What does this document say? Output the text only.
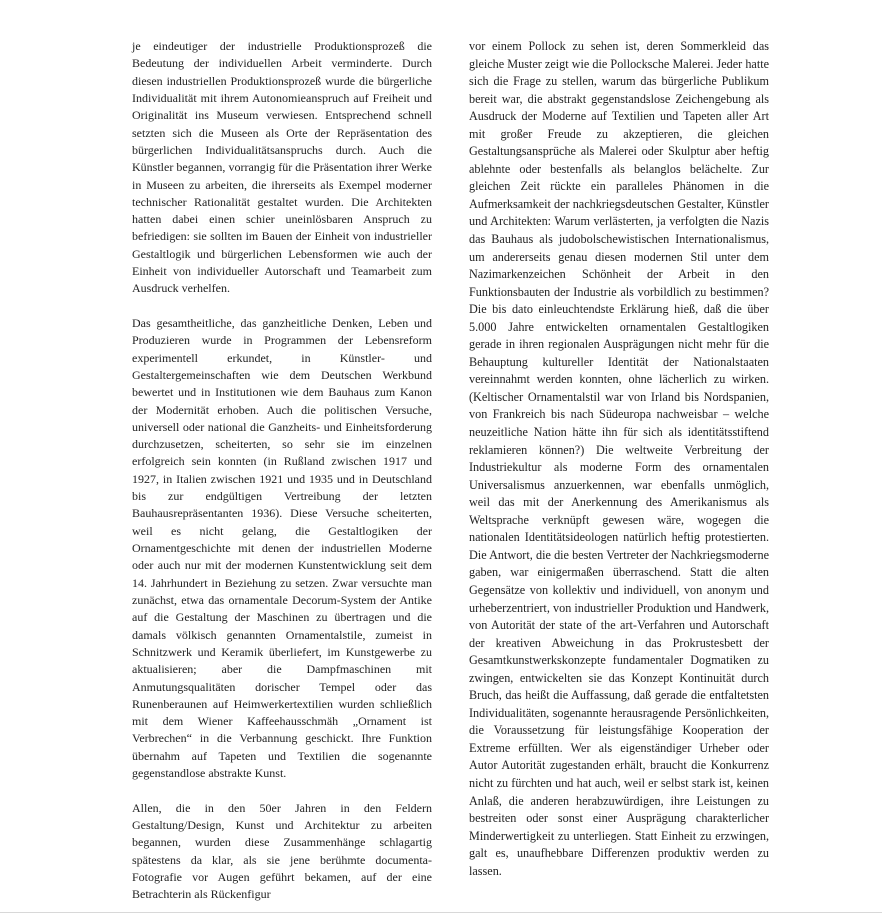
je eindeutiger der industrielle Produktionsprozeß die Bedeutung der individuellen Arbeit verminderte. Durch diesen industriellen Produktionsprozeß wurde die bürgerliche Individualität mit ihrem Autonomieanspruch auf Freiheit und Originalität ins Museum verwiesen. Entsprechend schnell setzten sich die Museen als Orte der Repräsentation des bürgerlichen Individualitätsanspruchs durch. Auch die Künstler begannen, vorrangig für die Präsentation ihrer Werke in Museen zu arbeiten, die ihrerseits als Exempel moderner technischer Rationalität gestaltet wurden. Die Architekten hatten dabei einen schier uneinlösbaren Anspruch zu befriedigen: sie sollten im Bauen der Einheit von industrieller Gestaltlogik und bürgerlichen Lebensformen wie auch der Einheit von individueller Autorschaft und Teamarbeit zum Ausdruck verhelfen.

Das gesamtheitliche, das ganzheitliche Denken, Leben und Produzieren wurde in Programmen der Lebensreform experimentell erkundet, in Künstler- und Gestaltergemeinschaften wie dem Deutschen Werkbund bewertet und in Institutionen wie dem Bauhaus zum Kanon der Modernität erhoben. Auch die politischen Versuche, universell oder national die Ganzheits- und Einheitsforderung durchzusetzen, scheiterten, so sehr sie im einzelnen erfolgreich sein konnten (in Rußland zwischen 1917 und 1927, in Italien zwischen 1921 und 1935 und in Deutschland bis zur endgültigen Vertreibung der letzten Bauhausrepräsentanten 1936). Diese Versuche scheiterten, weil es nicht gelang, die Gestaltlogiken der Ornamentgeschichte mit denen der industriellen Moderne oder auch nur mit der modernen Kunstentwicklung seit dem 14. Jahrhundert in Beziehung zu setzen. Zwar versuchte man zunächst, etwa das ornamentale Decorum-System der Antike auf die Gestaltung der Maschinen zu übertragen und die damals völkisch genannten Ornamentalstile, zumeist in Schnitzwerk und Keramik überliefert, im Kunstgewerbe zu aktualisieren; aber die Dampfmaschinen mit Anmutungsqualitäten dorischer Tempel oder das Runenberaunen auf Heimwerkertextilien wurden schließlich mit dem Wiener Kaffeehausschmäh „Ornament ist Verbrechen“ in die Verbannung geschickt. Ihre Funktion übernahm auf Tapeten und Textilien die sogenannte gegenstandlose abstrakte Kunst.

Allen, die in den 50er Jahren in den Feldern Gestaltung/Design, Kunst und Architektur zu arbeiten begannen, wurden diese Zusammenhänge schlagartig spätestens da klar, als sie jene berühmte documenta-Fotografie vor Augen geführt bekamen, auf der eine Betrachterin als Rückenfigur

vor einem Pollock zu sehen ist, deren Sommerkleid das gleiche Muster zeigt wie die Pollocksche Malerei. Jeder hatte sich die Frage zu stellen, warum das bürgerliche Publikum bereit war, die abstrakt gegenstandslose Zeichengebung als Ausdruck der Moderne auf Textilien und Tapeten aller Art mit großer Freude zu akzeptieren, die gleichen Gestaltungsansprüche als Malerei oder Skulptur aber heftig ablehnte oder bestenfalls als belanglos belächelte. Zur gleichen Zeit rückte ein paralleles Phänomen in die Aufmerksamkeit der nachkriegsdeutschen Gestalter, Künstler und Architekten: Warum verlästerten, ja verfolgten die Nazis das Bauhaus als judobolschewistischen Internationalismus, um andererseits genau diesen modernen Stil unter dem Nazimarkenzeichen Schönheit der Arbeit in den Funktionsbauten der Industrie als vorbildlich zu bestimmen? Die bis dato einleuchtendste Erklärung hieß, daß die über 5.000 Jahre entwickelten ornamentalen Gestaltlogiken gerade in ihren regionalen Ausprägungen nicht mehr für die Behauptung kultureller Identität der Nationalstaaten vereinnahmt werden konnten, ohne lächerlich zu wirken. (Keltischer Ornamentalstil war von Irland bis Nordspanien, von Frankreich bis nach Südeuropa nachweisbar – welche neuzeitliche Nation hätte ihn für sich als identitätsstiftend reklamieren können?) Die weltweite Verbreitung der Industriekultur als moderne Form des ornamentalen Universalismus anzuerkennen, war ebenfalls unmöglich, weil das mit der Anerkennung des Amerikanismus als Weltsprache verknüpft gewesen wäre, wogegen die nationalen Identitätsideologen natürlich heftig protestierten. Die Antwort, die die besten Vertreter der Nachkriegsmoderne gaben, war einigermaßen überraschend. Statt die alten Gegensätze von kollektiv und individuell, von anonym und urheberzentriert, von industrieller Produktion und Handwerk, von Autorität der state of the art-Verfahren und Autorschaft der kreativen Abweichung in das Prokrustesbett der Gesamtkunstwerkskonzepte fundamentaler Dogmatiken zu zwingen, entwickelten sie das Konzept Kontinuität durch Bruch, das heißt die Auffassung, daß gerade die entfaltetsten Individualitäten, sogenannte herausragende Persönlichkeiten, die Voraussetzung für leistungsfähige Kooperation der Extreme erfüllten. Wer als eigenständiger Urheber oder Autor Autorität zugestanden erhält, braucht die Konkurrenz nicht zu fürchten und hat auch, weil er selbst stark ist, keinen Anlaß, die anderen herabzuwürdigen, ihre Leistungen zu bestreiten oder sonst einer Ausprägung charakterlicher Minderwertigkeit zu unterliegen. Statt Einheit zu erzwingen, galt es, unaufhebbare Differenzen produktiv werden zu lassen.
